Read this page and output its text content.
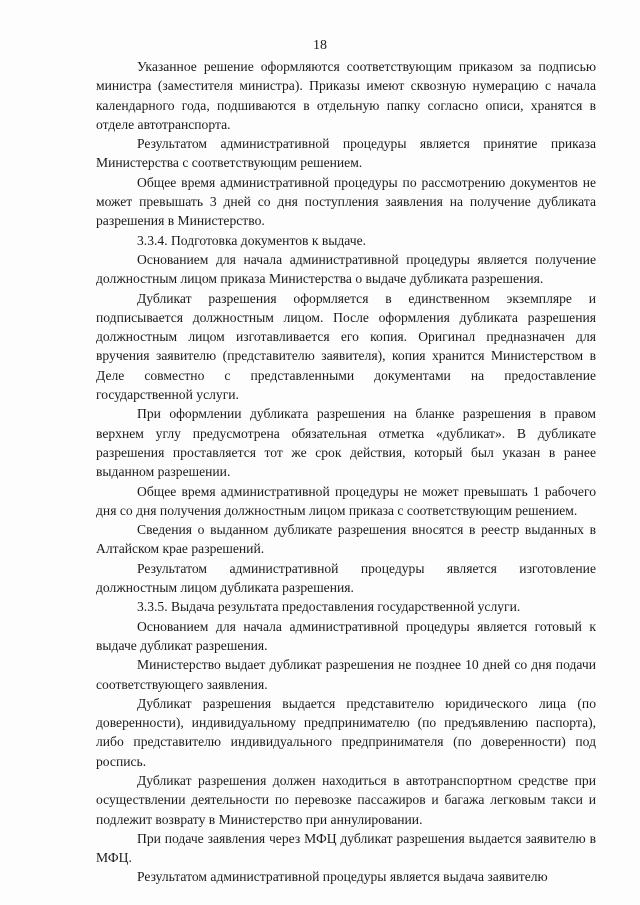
18

Указанное решение оформляются соответствующим приказом за подписью министра (заместителя министра). Приказы имеют сквозную нумерацию с начала календарного года, подшиваются в отдельную папку согласно описи, хранятся в отделе автотранспорта.

Результатом административной процедуры является принятие приказа Министерства с соответствующим решением.

Общее время административной процедуры по рассмотрению документов не может превышать 3 дней со дня поступления заявления на получение дубликата разрешения в Министерство.

3.3.4. Подготовка документов к выдаче.

Основанием для начала административной процедуры является получение должностным лицом приказа Министерства о выдаче дубликата разрешения.

Дубликат разрешения оформляется в единственном экземпляре и подписывается должностным лицом. После оформления дубликата разрешения должностным лицом изготавливается его копия. Оригинал предназначен для вручения заявителю (представителю заявителя), копия хранится Министерством в Деле совместно с представленными документами на предоставление государственной услуги.

При оформлении дубликата разрешения на бланке разрешения в правом верхнем углу предусмотрена обязательная отметка «дубликат». В дубликате разрешения проставляется тот же срок действия, который был указан в ранее выданном разрешении.

Общее время административной процедуры не может превышать 1 рабочего дня со дня получения должностным лицом приказа с соответствующим решением.

Сведения о выданном дубликате разрешения вносятся в реестр выданных в Алтайском крае разрешений.

Результатом административной процедуры является изготовление должностным лицом дубликата разрешения.

3.3.5. Выдача результата предоставления государственной услуги.

Основанием для начала административной процедуры является готовый к выдаче дубликат разрешения.

Министерство выдает дубликат разрешения не позднее 10 дней со дня подачи соответствующего заявления.

Дубликат разрешения выдается представителю юридического лица (по доверенности), индивидуальному предпринимателю (по предъявлению паспорта), либо представителю индивидуального предпринимателя (по доверенности) под роспись.

Дубликат разрешения должен находиться в автотранспортном средстве при осуществлении деятельности по перевозке пассажиров и багажа легковым такси и подлежит возврату в Министерство при аннулировании.

При подаче заявления через МФЦ дубликат разрешения выдается заявителю в МФЦ.

Результатом административной процедуры является выдача заявителю
